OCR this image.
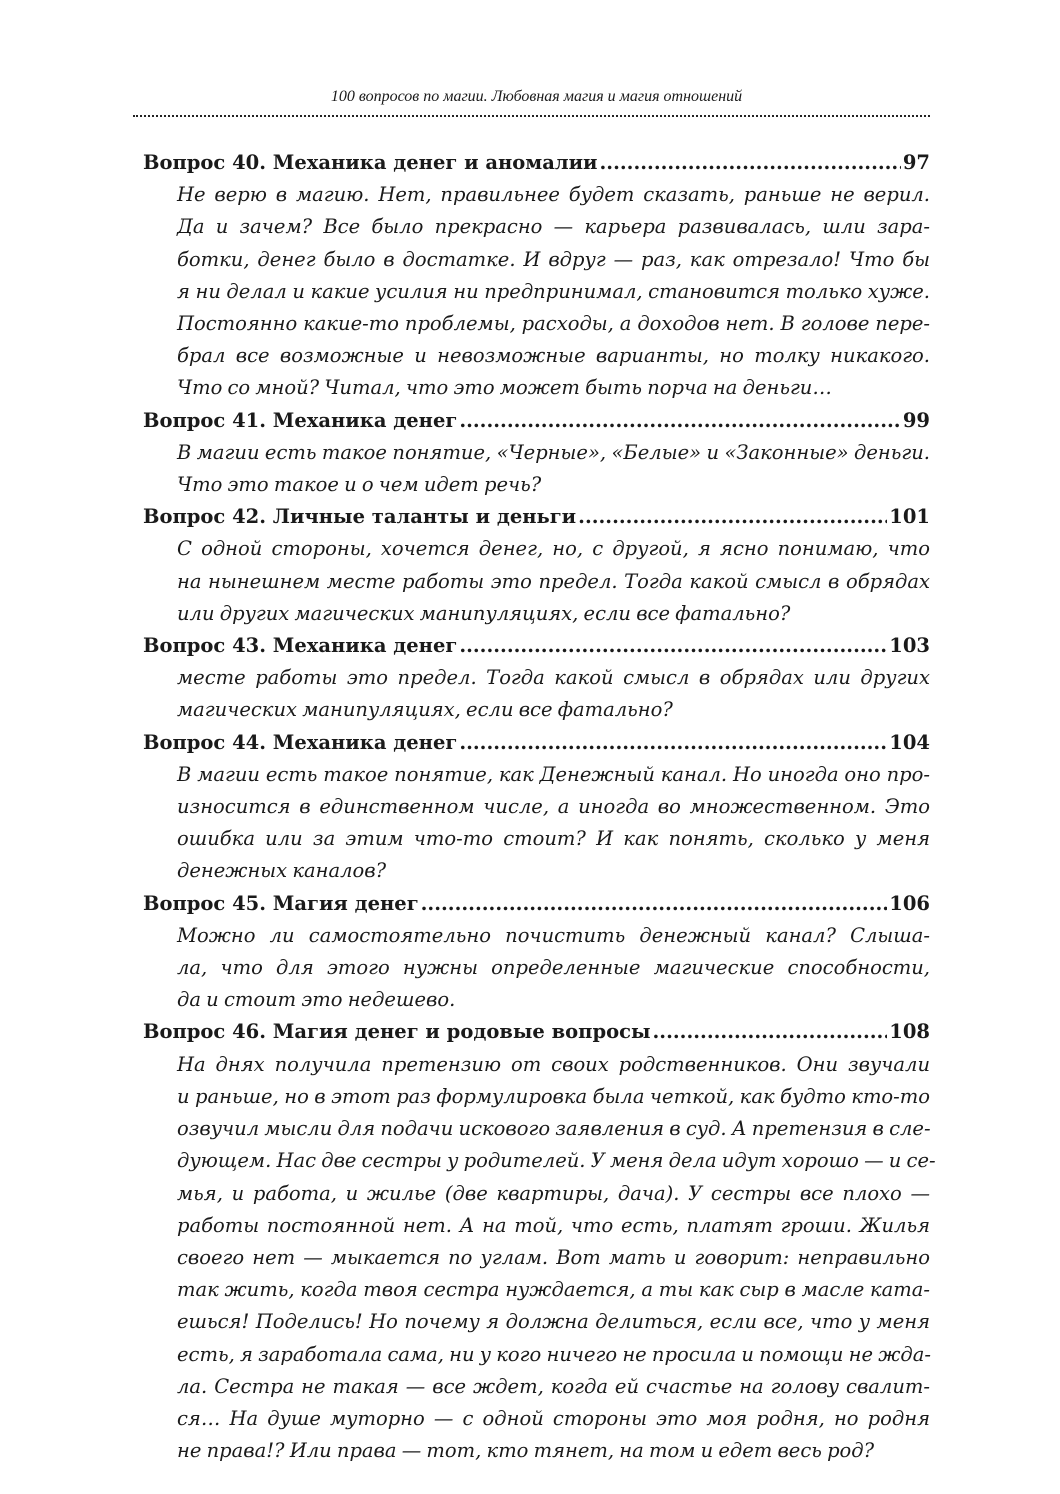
100 вопросов по магии. Любовная магия и магия отношений
Вопрос 40. Механика денег и аномалии .....	97
Не верю в магию. Нет, правильнее будет сказать, раньше не верил.
Да и зачем? Все было прекрасно — карьера развивалась, шли зара-
ботки, денег было в достатке. И вдруг — раз, как отрезало! Что бы
я ни делал и какие усилия ни предпринимал, становится только хуже.
Постоянно какие-то проблемы, расходы, а доходов нет. В голове пере-
брал все возможные и невозможные варианты, но толку никакого.
Что со мной? Читал, что это может быть порча на деньги…
Вопрос 41. Механика денег .....	99
В магии есть такое понятие, «Черные», «Белые» и «Законные» деньги.
Что это такое и о чем идет речь?
Вопрос 42. Личные таланты и деньги .....	101
С одной стороны, хочется денег, но, с другой, я ясно понимаю, что
на нынешнем месте работы это предел. Тогда какой смысл в обрядах
или других магических манипуляциях, если все фатально?
Вопрос 43. Механика денег .....	103
месте работы это предел. Тогда какой смысл в обрядах или других
магических манипуляциях, если все фатально?
Вопрос 44. Механика денег .....	104
В магии есть такое понятие, как Денежный канал. Но иногда оно про-
износится в единственном числе, а иногда во множественном. Это
ошибка или за этим что-то стоит? И как понять, сколько у меня
денежных каналов?
Вопрос 45. Магия денег .....	106
Можно ли самостоятельно почистить денежный канал? Слыша-
ла, что для этого нужны определенные магические способности,
да и стоит это недешево.
Вопрос 46. Магия денег и родовые вопросы .....	108
На днях получила претензию от своих родственников. Они звучали
и раньше, но в этот раз формулировка была четкой, как будто кто-то
озвучил мысли для подачи искового заявления в суд. А претензия в сле-
дующем. Нас две сестры у родителей. У меня дела идут хорошо — и се-
мья, и работа, и жилье (две квартиры, дача). У сестры все плохо —
работы постоянной нет. А на той, что есть, платят гроши. Жилья
своего нет — мыкается по углам. Вот мать и говорит: неправильно
так жить, когда твоя сестра нуждается, а ты как сыр в масле ката-
ешься! Поделись! Но почему я должна делиться, если все, что у меня
есть, я заработала сама, ни у кого ничего не просила и помощи не жда-
ла. Сестра не такая — все ждет, когда ей счастье на голову свалит-
ся… На душе муторно — с одной стороны это моя родня, но родня
не права!? Или права — тот, кто тянет, на том и едет весь род?
